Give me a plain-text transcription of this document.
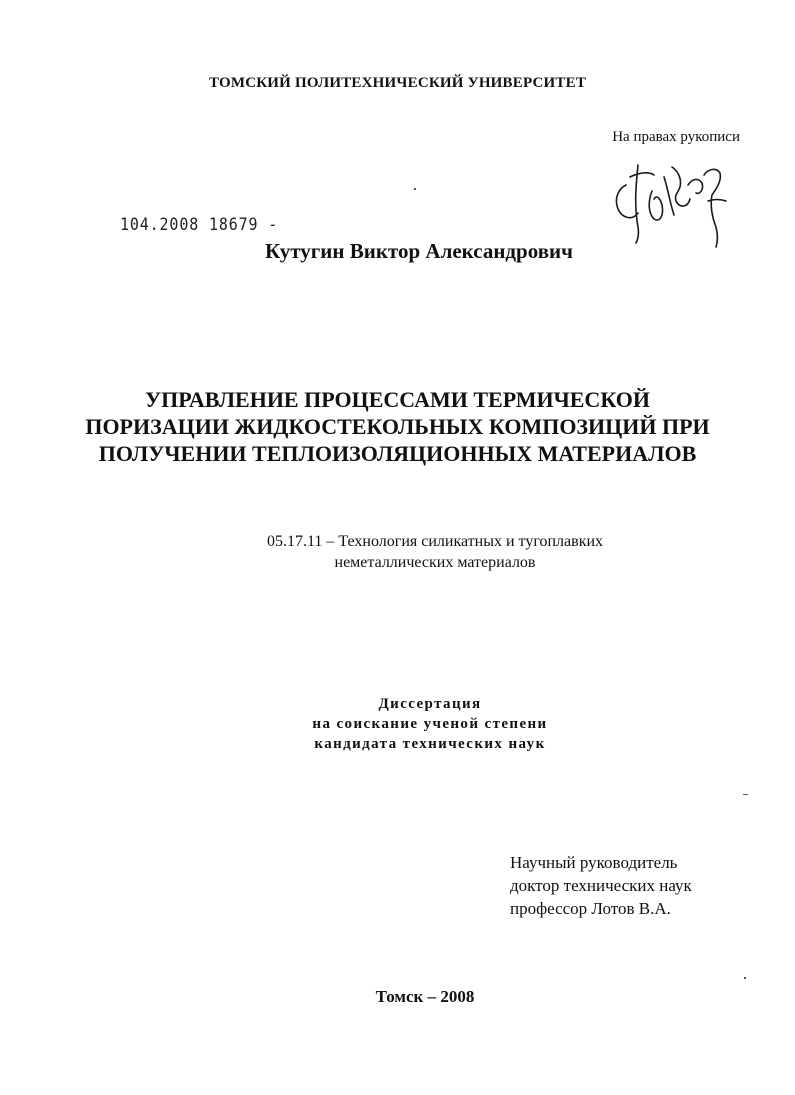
ТОМСКИЙ ПОЛИТЕХНИЧЕСКИЙ УНИВЕРСИТЕТ
На правах рукописи
104.2008 18679 -
Кутугин Виктор Александрович
УПРАВЛЕНИЕ ПРОЦЕССАМИ ТЕРМИЧЕСКОЙ
ПОРИЗАЦИИ ЖИДКОСТЕКОЛЬНЫХ КОМПОЗИЦИЙ ПРИ
ПОЛУЧЕНИИ ТЕПЛОИЗОЛЯЦИОННЫХ МАТЕРИАЛОВ
05.17.11 – Технология силикатных и тугоплавких
неметаллических материалов
Диссертация
на соискание ученой степени
кандидата технических наук
Научный руководитель
доктор технических наук
профессор Лотов В.А.
Томск – 2008
